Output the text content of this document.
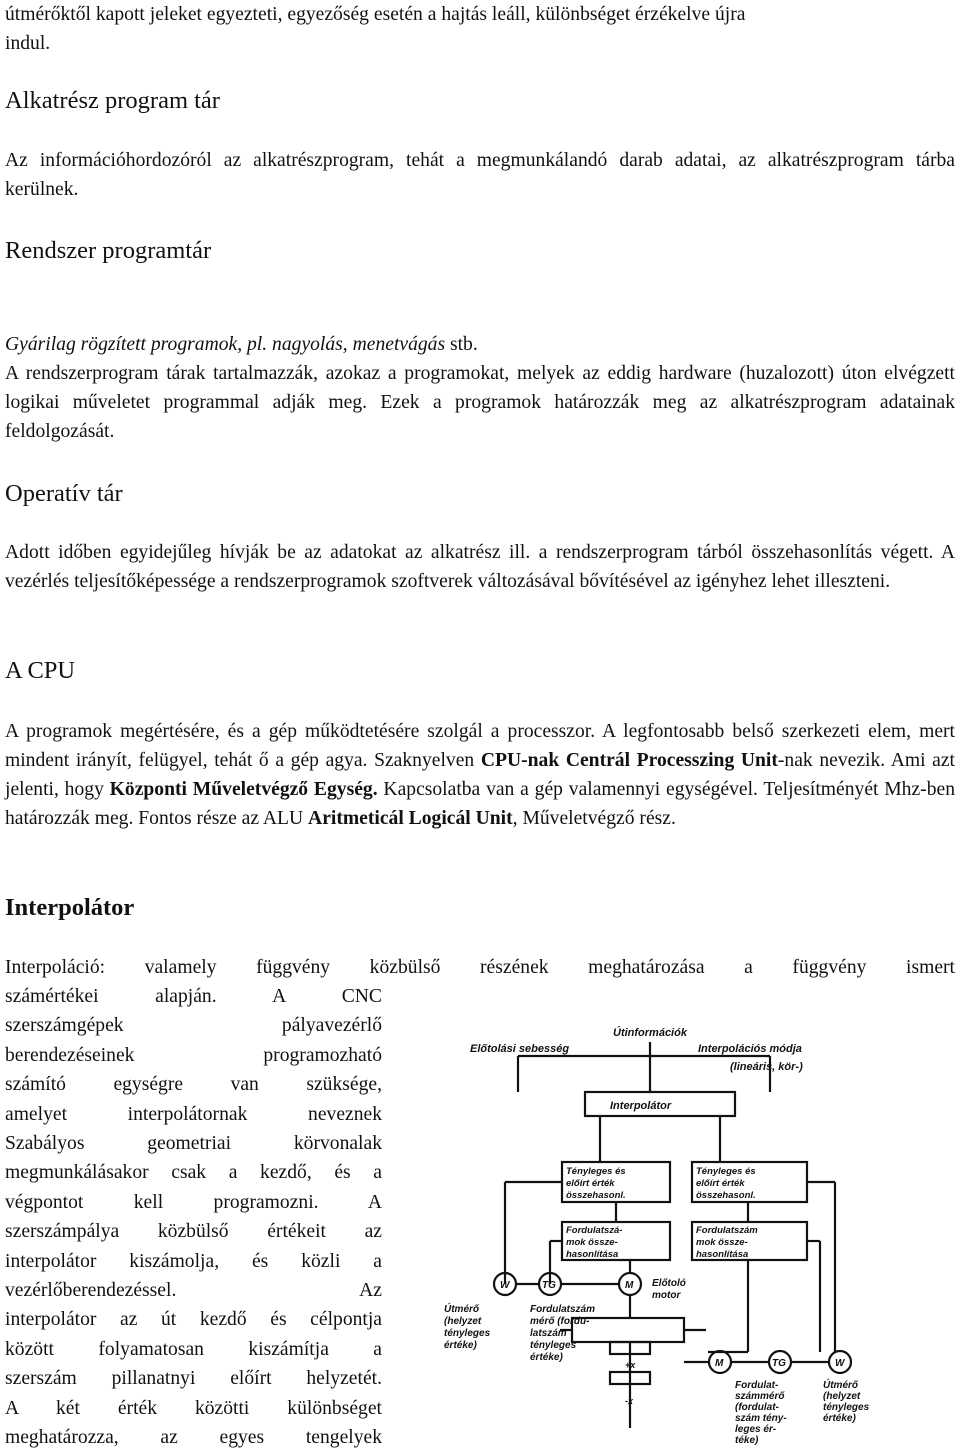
útmérőktől kapott jeleket egyezteti, egyezőség esetén a hajtás leáll, különbséget érzékelve újra
indul.
Alkatrész program tár

Az információhordozóról az alkatrészprogram, tehát a megmunkálandó darab adatai, az alkatrészprogram tárba kerülnek.

Rendszer programtár

Gyárilag rögzített programok, pl. nagyolás, menetvágás stb.

A rendszerprogram tárak tartalmazzák, azokaz a programokat, melyek az eddig hardware (huzalozott) úton elvégzett logikai műveletet programmal adják meg. Ezek a programok határozzák meg az alkatrészprogram adatainak feldolgozását.

Operatív tár

Adott időben egyidejűleg hívják be az adatokat az alkatrész ill. a rendszerprogram tárból összehasonlítás végett. A vezérlés teljesítőképessége a rendszerprogramok szoftverek változásával bővítésével az igényhez lehet illeszteni.

A CPU

A programok megértésére, és a gép működtetésére szolgál a processzor. A legfontosabb belső szerkezeti elem, mert mindent irányít, felügyel, tehát ő a gép agya. Szaknyelven CPU-nak Centrál Processzing Unit-nak nevezik. Ami azt jelenti, hogy Központi Műveletvégző Egység. Kapcsolatba van a gép valamennyi egységével. Teljesítményét Mhz-ben határozzák meg. Fontos része az ALU Aritmeticál Logicál Unit, Műveletvégző rész.

Interpolátor

Interpoláció: valamely függvény közbülső részének meghatározása a függvény ismert

számértékei alapján. A CNC
szerszámgépek pályavezérlő
berendezéseinek programozható
számító egységre van szüksége,
amelyet interpolátornak neveznek
Szabályos geometriai körvonalak
megmunkálásakor csak a kezdő, és a
végpontot kell programozni. A
szerszámpálya közbülső értékeit az
interpolátor kiszámolja, és közli a
vezérlőberendezéssel. Az
interpolátor az út kezdő és célpontja
között folyamatosan kiszámítja a
szerszám pillanatnyi előírt helyzetét.
A két érték közötti különbséget
meghatározza, az egyes tengelyek
Útinformációk
Előtolási sebesség	Interpolációs módja
(lineáris, kör-)
Interpolátor
Tényleges és előírt érték összehasonl.
Tényleges és előírt érték összehasonl.
Fordulatszá- mok össze- hasonlítása
Fordulatszám mok össze- hasonlítása
W	TG	M Előtoló motor
Útmérő (helyzet tényleges értéke)
Fordulatszám mérő (fordu- latszám tényleges értéke)
M	TG	W
Fordulat- számmérő (fordulat- szám tény- leges ér- téke)
Útmérő (helyzet tényleges értéke)
-x
+x
